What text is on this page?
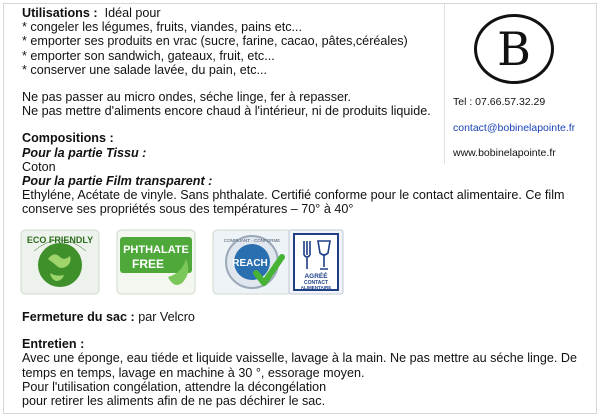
Utilisations : Idéal pour

* congeler les légumes, fruits, viandes, pains etc...

* emporter ses produits en vrac (sucre, farine, cacao, pâtes,céréales)

* emporter son sandwich, gateaux, fruit, etc...

* conserver une salade lavée, du pain, etc...

Ne pas passer au micro ondes, séche linge, fer à repasser.

Ne pas mettre d'aliments encore chaud à l'intérieur, ni de produits liquide.

Compositions :

Pour la partie Tissu :

Coton

Pour la partie Film transparent :

Ethyléne, Acétate de vinyle. Sans phthalate. Certifié conforme pour le contact alimentaire. Ce film

conserve ses propriétés sous des températures – 70° à 40°

B
Tel : 07.66.57.32.29
contact@bobinelapointe.fr
www.bobinelapointe.fr
ECO FRIENDLY
PHTHALATE
FREE
COMPLIANT · CONFORME
REACH
AGRÉÉ
CONTACT
ALIMENTAIRE

Fermeture du sac : par Velcro

Entretien :

Avec une éponge, eau tiéde et liquide vaisselle, lavage à la main. Ne pas mettre au séche linge. De

temps en temps, lavage en machine à 30 °, essorage moyen.

Pour l'utilisation congélation, attendre la décongélation

pour retirer les aliments afin de ne pas déchirer le sac.
